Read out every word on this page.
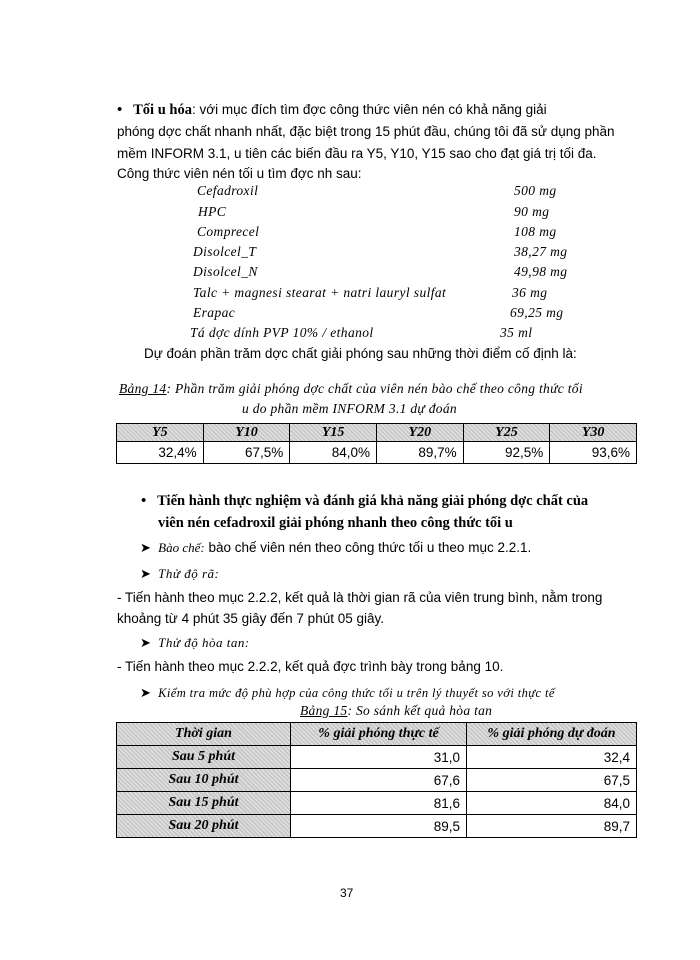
• Tối u hóa: với mục đích tìm đợc công thức viên nén có khả năng giải
phóng dợc chất nhanh nhất, đặc biệt trong 15 phút đầu, chúng tôi đã sử dụng phần
mềm INFORM 3.1, u tiên các biến đầu ra Y5, Y10, Y15 sao cho đạt giá trị tối đa.
Công thức viên nén tối u tìm đợc nh sau:
Cefadroxil	500 mg
HPC	90 mg
Comprecel	108 mg
Disolcel_T	38,27 mg
Disolcel_N	49,98 mg
Talc + magnesi stearat + natri lauryl sulfat	36 mg
Erapac	69,25 mg
Tá dợc dính PVP 10% / ethanol	35 ml
Dự đoán phần trăm dợc chất giải phóng sau những thời điểm cố định là:
Bảng 14: Phần trăm giải phóng dợc chất của viên nén bào chế theo công thức tối
u do phần mềm INFORM 3.1 dự đoán
Y5	Y10	Y15	Y20	Y25	Y30
32,4%	67,5%	84,0%	89,7%	92,5%	93,6%
• Tiến hành thực nghiệm và đánh giá khả năng giải phóng dợc chất của
viên nén cefadroxil giải phóng nhanh theo công thức tối u
➤ Bào chế: bào chế viên nén theo công thức tối u theo mục 2.2.1.
➤ Thử độ rã:
- Tiến hành theo mục 2.2.2, kết quả là thời gian rã của viên trung bình, nằm trong
khoảng từ 4 phút 35 giây đến 7 phút 05 giây.
➤ Thử độ hòa tan:
- Tiến hành theo mục 2.2.2, kết quả đợc trình bày trong bảng 10.
➤ Kiểm tra mức độ phù hợp của công thức tối u trên lý thuyết so với thực tế
Bảng 15: So sánh kết quả hòa tan
Thời gian	% giải phóng thực tế	% giải phóng dự đoán
Sau 5 phút	31,0	32,4
Sau 10 phút	67,6	67,5
Sau 15 phút	81,6	84,0
Sau 20 phút	89,5	89,7
37
